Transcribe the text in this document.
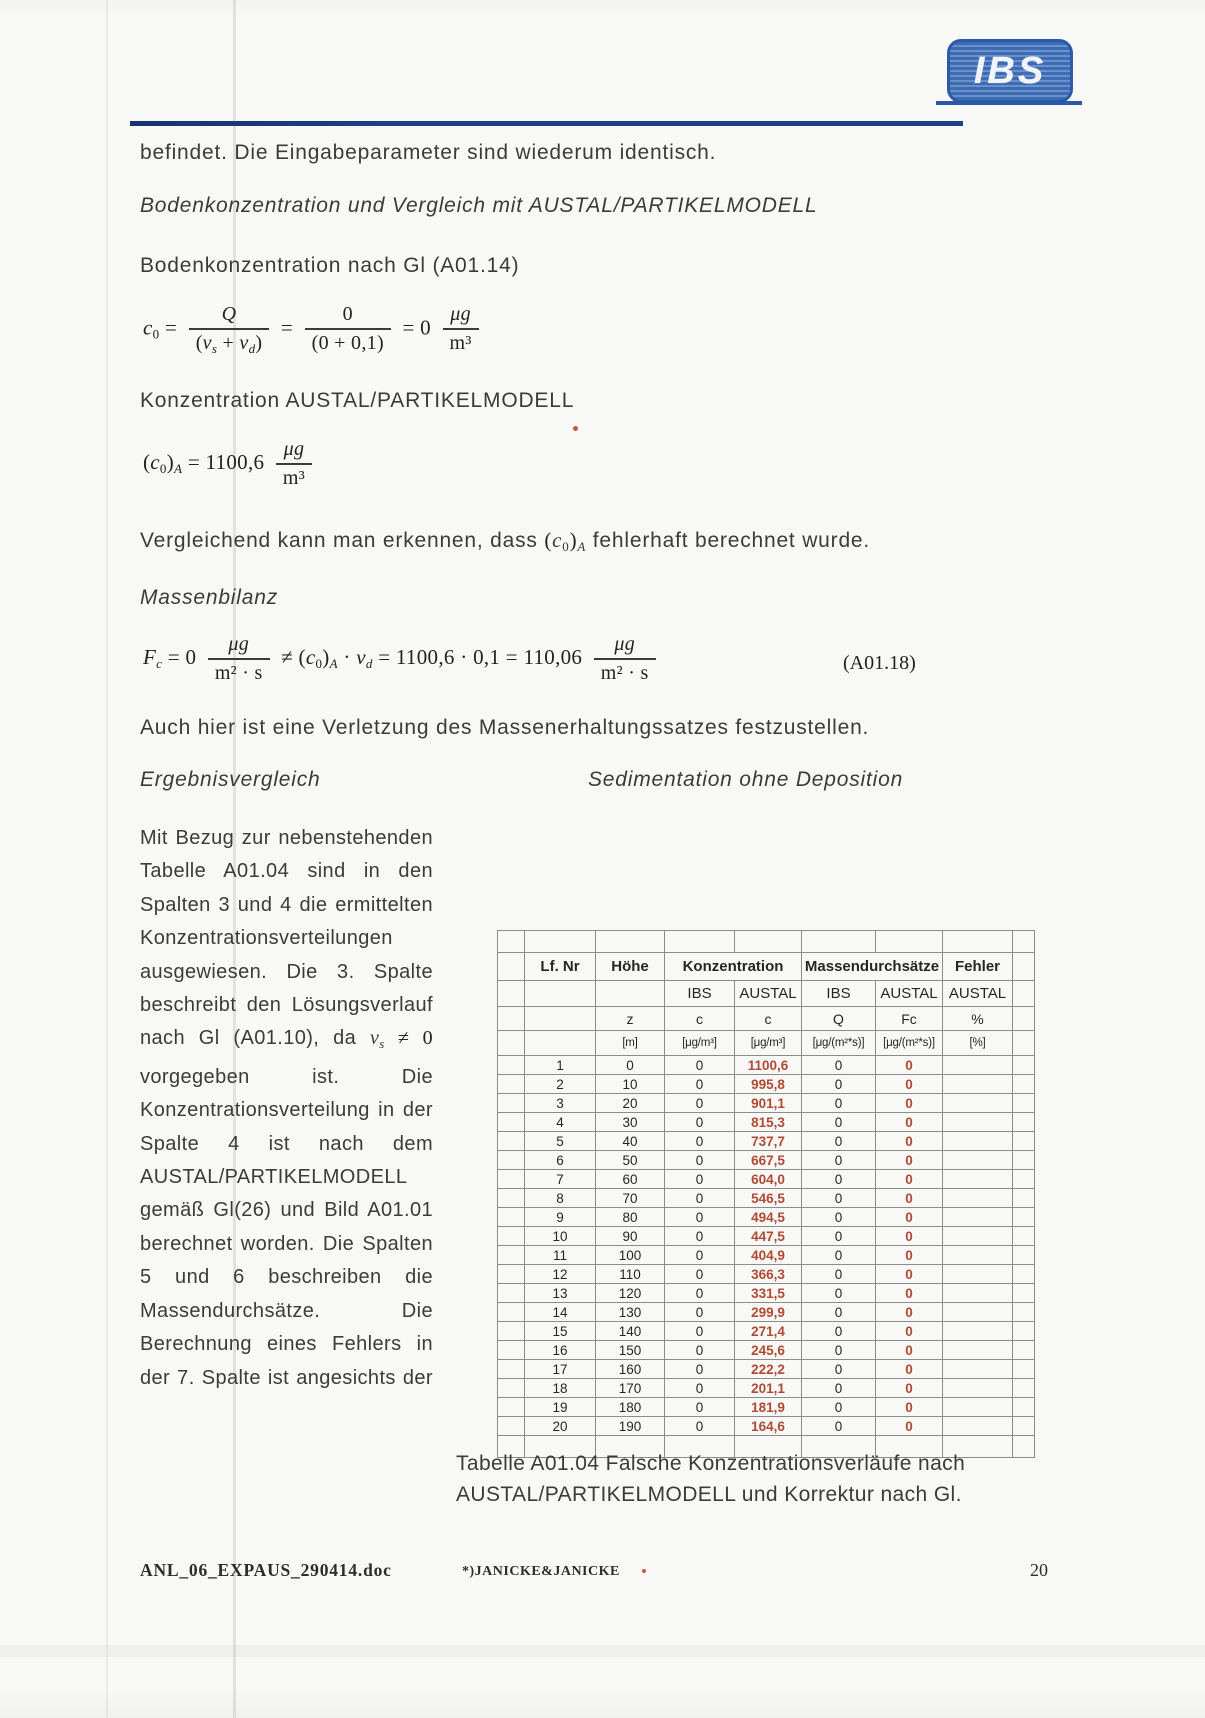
IBS

befindet. Die Eingabeparameter sind wiederum identisch.

Bodenkonzentration und Vergleich mit AUSTAL/PARTIKELMODELL

Bodenkonzentration nach Gl (A01.14)

$c_0 = \frac{Q}{(v_s + v_d)} = \frac{0}{(0 + 0,1)} = 0 \frac{\mu g}{\text{m³}}$

Konzentration AUSTAL/PARTIKELMODELL

$(c_0)_A = 1100,6 \frac{\mu g}{\text{m³}}$

Vergleichend kann man erkennen, dass $(c_0)_A$ fehlerhaft berechnet wurde.

Massenbilanz

$F_c = 0 \frac{\mu g}{\text{m² · s}} \ne (c_0)_A \cdot v_d = 1100,6 \cdot 0,1 = 110,06 \frac{\mu g}{\text{m² · s}}$	(A01.18)

Auch hier ist eine Verletzung des Massenerhaltungssatzes festzustellen.

Ergebnisvergleich	Sedimentation ohne Deposition

Mit Bezug zur nebenstehenden Tabelle A01.04 sind in den Spalten 3 und 4 die ermittelten Konzentrationsverteilungen ausgewiesen. Die 3. Spalte beschreibt den Lösungsverlauf nach Gl (A01.10), da $v_s \ne 0$ vorgegeben ist. Die Konzentrationsverteilung in der Spalte 4 ist nach dem AUSTAL/PARTIKELMODELL gemäß Gl(26) und Bild A01.01 berechnet worden. Die Spalten 5 und 6 beschreiben die Massendurchsätze. Die Berechnung eines Fehlers in der 7. Spalte ist angesichts der

	Lf. Nr	Höhe	Konzentration		Massendurchsätze		Fehler	
			IBS	AUSTAL	IBS	AUSTAL	AUSTAL	
		z	c	c	Q	Fc	%	
		[m]	[μg/m³]	[μg/m³]	[μg/(m²*s)]	[μg/(m²*s)]	[%]	
	1	0	0	1100,6	0	0		
	2	10	0	995,8	0	0		
	3	20	0	901,1	0	0		
	4	30	0	815,3	0	0		
	5	40	0	737,7	0	0		
	6	50	0	667,5	0	0		
	7	60	0	604,0	0	0		
	8	70	0	546,5	0	0		
	9	80	0	494,5	0	0		
	10	90	0	447,5	0	0		
	11	100	0	404,9	0	0		
	12	110	0	366,3	0	0		
	13	120	0	331,5	0	0		
	14	130	0	299,9	0	0		
	15	140	0	271,4	0	0		
	16	150	0	245,6	0	0		
	17	160	0	222,2	0	0		
	18	170	0	201,1	0	0		
	19	180	0	181,9	0	0		
	20	190	0	164,6	0	0		

Tabelle A01.04 Falsche Konzentrationsverläufe nach AUSTAL/PARTIKELMODELL und Korrektur nach Gl.

ANL_06_EXPAUS_290414.doc	*)JANICKE&JANICKE	20
